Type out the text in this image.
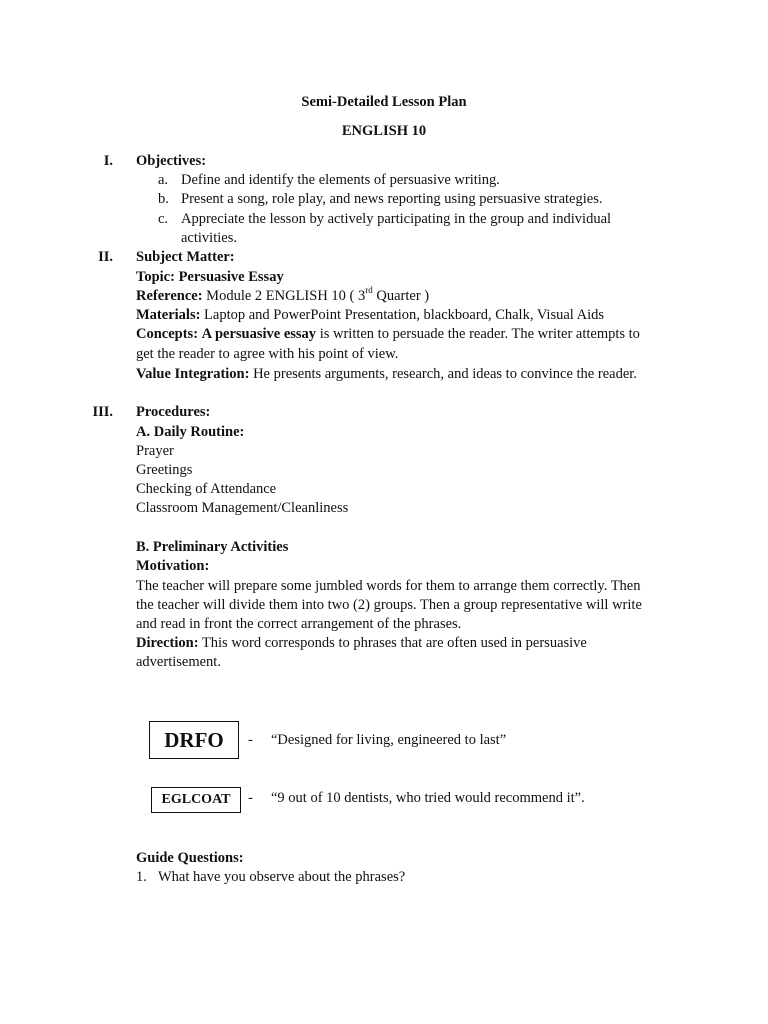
Semi-Detailed Lesson Plan
ENGLISH 10
I. Objectives:
a. Define and identify the elements of persuasive writing.
b. Present a song, role play, and news reporting using persuasive strategies.
c. Appreciate the lesson by actively participating in the group and individual
activities.
II. Subject Matter:
Topic: Persuasive Essay
Reference: Module 2 ENGLISH 10 ( 3rd Quarter )
Materials: Laptop and PowerPoint Presentation, blackboard, Chalk, Visual Aids
Concepts: A persuasive essay is written to persuade the reader. The writer attempts to
get the reader to agree with his point of view.
Value Integration: He presents arguments, research, and ideas to convince the reader.
III. Procedures:
A. Daily Routine:
Prayer
Greetings
Checking of Attendance
Classroom Management/Cleanliness
B. Preliminary Activities
Motivation:
The teacher will prepare some jumbled words for them to arrange them correctly. Then
the teacher will divide them into two (2) groups. Then a group representative will write
and read in front the correct arrangement of the phrases.
Direction: This word corresponds to phrases that are often used in persuasive
advertisement.
DRFO	- “Designed for living, engineered to last”
EGLCOAT	- “9 out of 10 dentists, who tried would recommend it”.
Guide Questions:
1. What have you observe about the phrases?
